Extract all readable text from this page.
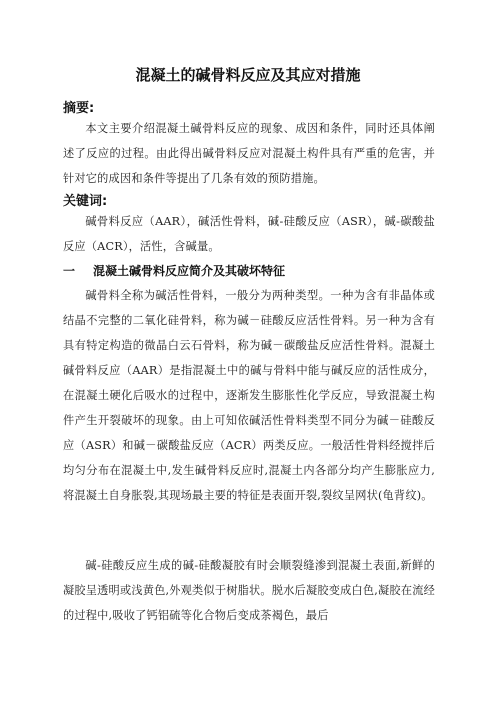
混凝土的碱骨料反应及其应对措施
摘要:
本文主要介绍混凝土碱骨料反应的现象、成因和条件，同时还具体阐述了反应的过程。由此得出碱骨料反应对混凝土构件具有严重的危害，并针对它的成因和条件等提出了几条有效的预防措施。
关键词:
碱骨料反应（AAR），碱活性骨料，碱-硅酸反应（ASR），碱-碳酸盐反应（ACR），活性，含碱量。
一 混凝土碱骨料反应简介及其破坏特征
碱骨料全称为碱活性骨料，一般分为两种类型。一种为含有非晶体或结晶不完整的二氧化硅骨料，称为碱－硅酸反应活性骨料。另一种为含有具有特定构造的微晶白云石骨料，称为碱－碳酸盐反应活性骨料。混凝土碱骨料反应（AAR）是指混凝土中的碱与骨料中能与碱反应的活性成分，在混凝土硬化后吸水的过程中，逐渐发生膨胀性化学反应，导致混凝土构件产生开裂破坏的现象。由上可知依碱活性骨料类型不同分为碱－硅酸反应（ASR）和碱－碳酸盐反应（ACR）两类反应。一般活性骨料经搅拌后均匀分布在混凝土中,发生碱骨料反应时,混凝土内各部分均产生膨胀应力,将混凝土自身胀裂,其现场最主要的特征是表面开裂,裂纹呈网状(龟背纹)。
碱-硅酸反应生成的碱-硅酸凝胶有时会顺裂缝渗到混凝土表面,新鲜的凝胶呈透明或浅黄色,外观类似于树脂状。脱水后凝胶变成白色,凝胶在流经的过程中,吸收了钙铝硫等化合物后变成茶褐色，最后
